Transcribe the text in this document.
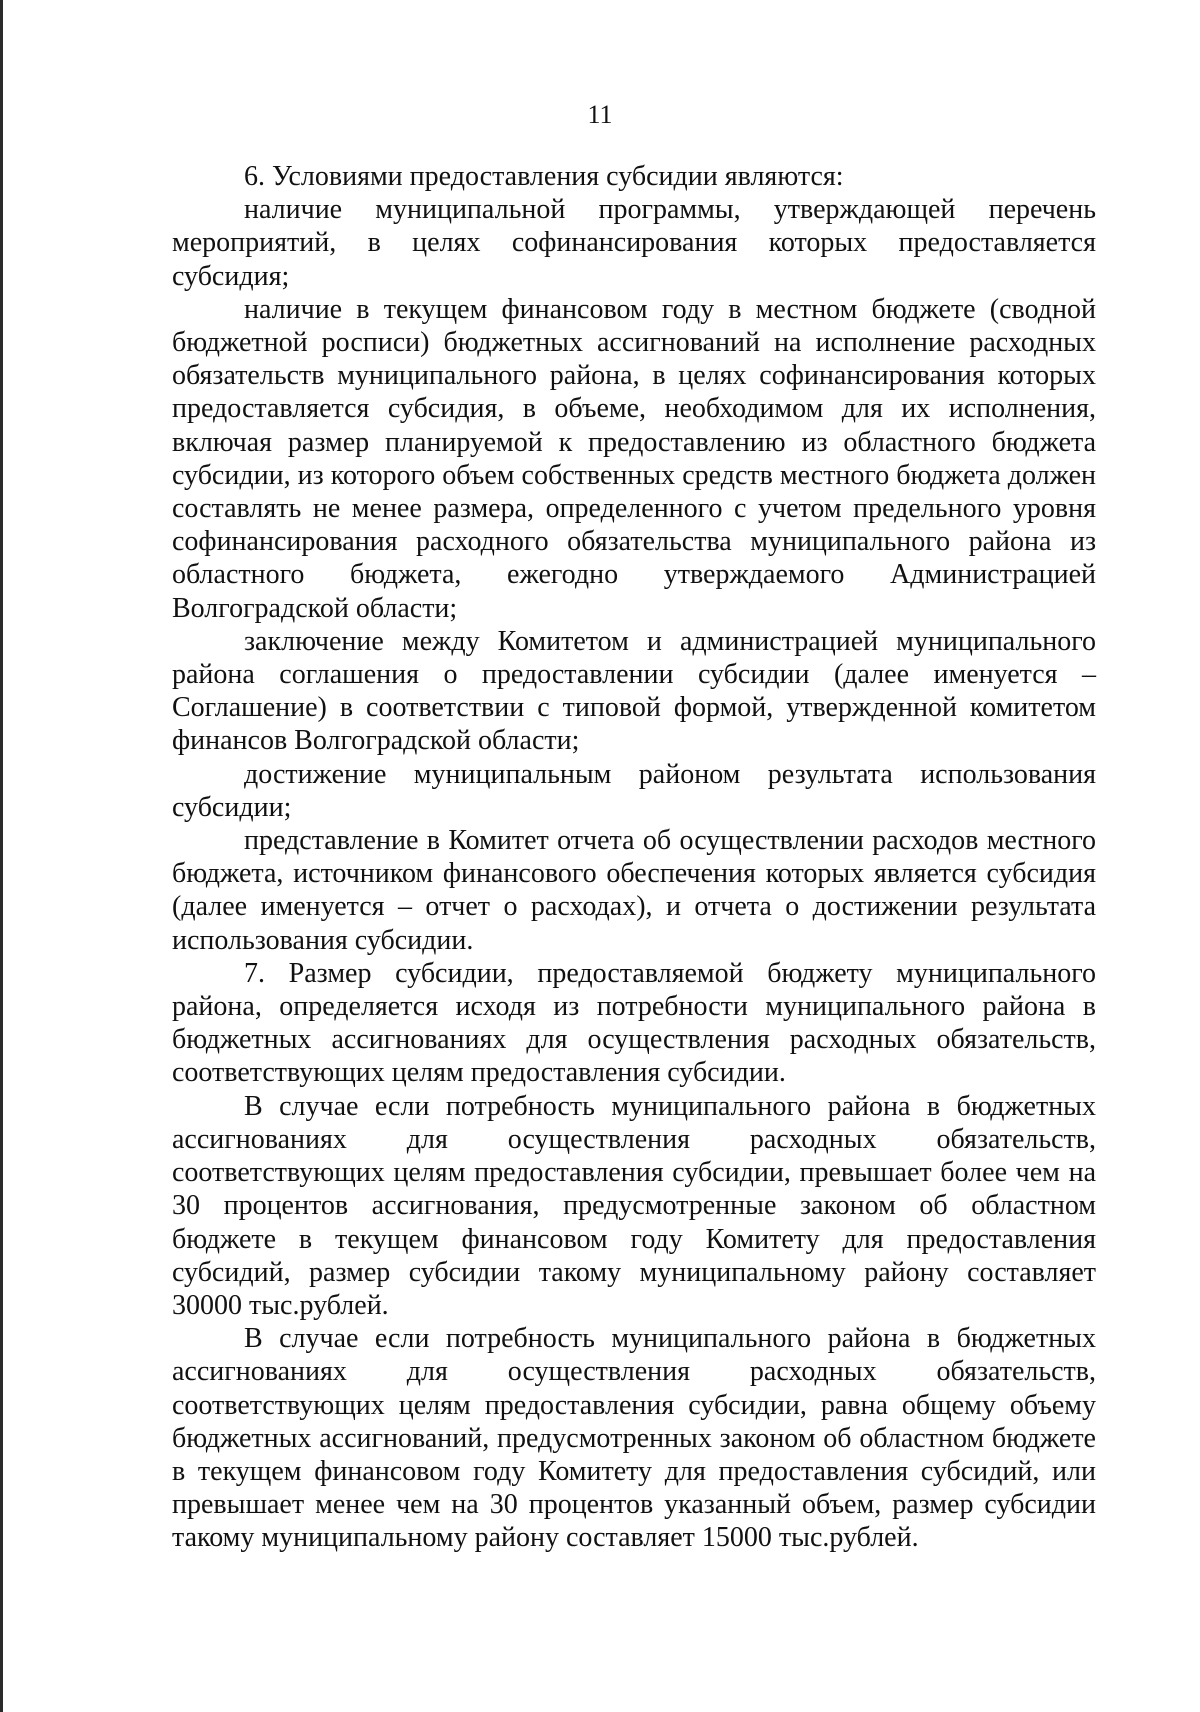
11

6. Условиями предоставления субсидии являются:

наличие муниципальной программы, утверждающей перечень мероприятий, в целях софинансирования которых предоставляется субсидия;

наличие в текущем финансовом году в местном бюджете (сводной бюджетной росписи) бюджетных ассигнований на исполнение расходных обязательств муниципального района, в целях софинансирования которых предоставляется субсидия, в объеме, необходимом для их исполнения, включая размер планируемой к предоставлению из областного бюджета субсидии, из которого объем собственных средств местного бюджета должен составлять не менее размера, определенного с учетом предельного уровня софинансирования расходного обязательства муниципального района из областного бюджета, ежегодно утверждаемого Администрацией Волгоградской области;

заключение между Комитетом и администрацией муниципального района соглашения о предоставлении субсидии (далее именуется – Соглашение) в соответствии с типовой формой, утвержденной комитетом финансов Волгоградской области;

достижение муниципальным районом результата использования субсидии;

представление в Комитет отчета об осуществлении расходов местного бюджета, источником финансового обеспечения которых является субсидия (далее именуется – отчет о расходах), и отчета о достижении результата использования субсидии.

7. Размер субсидии, предоставляемой бюджету муниципального района, определяется исходя из потребности муниципального района в бюджетных ассигнованиях для осуществления расходных обязательств, соответствующих целям предоставления субсидии.

В случае если потребность муниципального района в бюджетных ассигнованиях для осуществления расходных обязательств, соответствующих целям предоставления субсидии, превышает более чем на 30 процентов ассигнования, предусмотренные законом об областном бюджете в текущем финансовом году Комитету для предоставления субсидий, размер субсидии такому муниципальному району составляет 30000 тыс.рублей.

В случае если потребность муниципального района в бюджетных ассигнованиях для осуществления расходных обязательств, соответствующих целям предоставления субсидии, равна общему объему бюджетных ассигнований, предусмотренных законом об областном бюджете в текущем финансовом году Комитету для предоставления субсидий, или превышает менее чем на 30 процентов указанный объем, размер субсидии такому муниципальному району составляет 15000 тыс.рублей.
